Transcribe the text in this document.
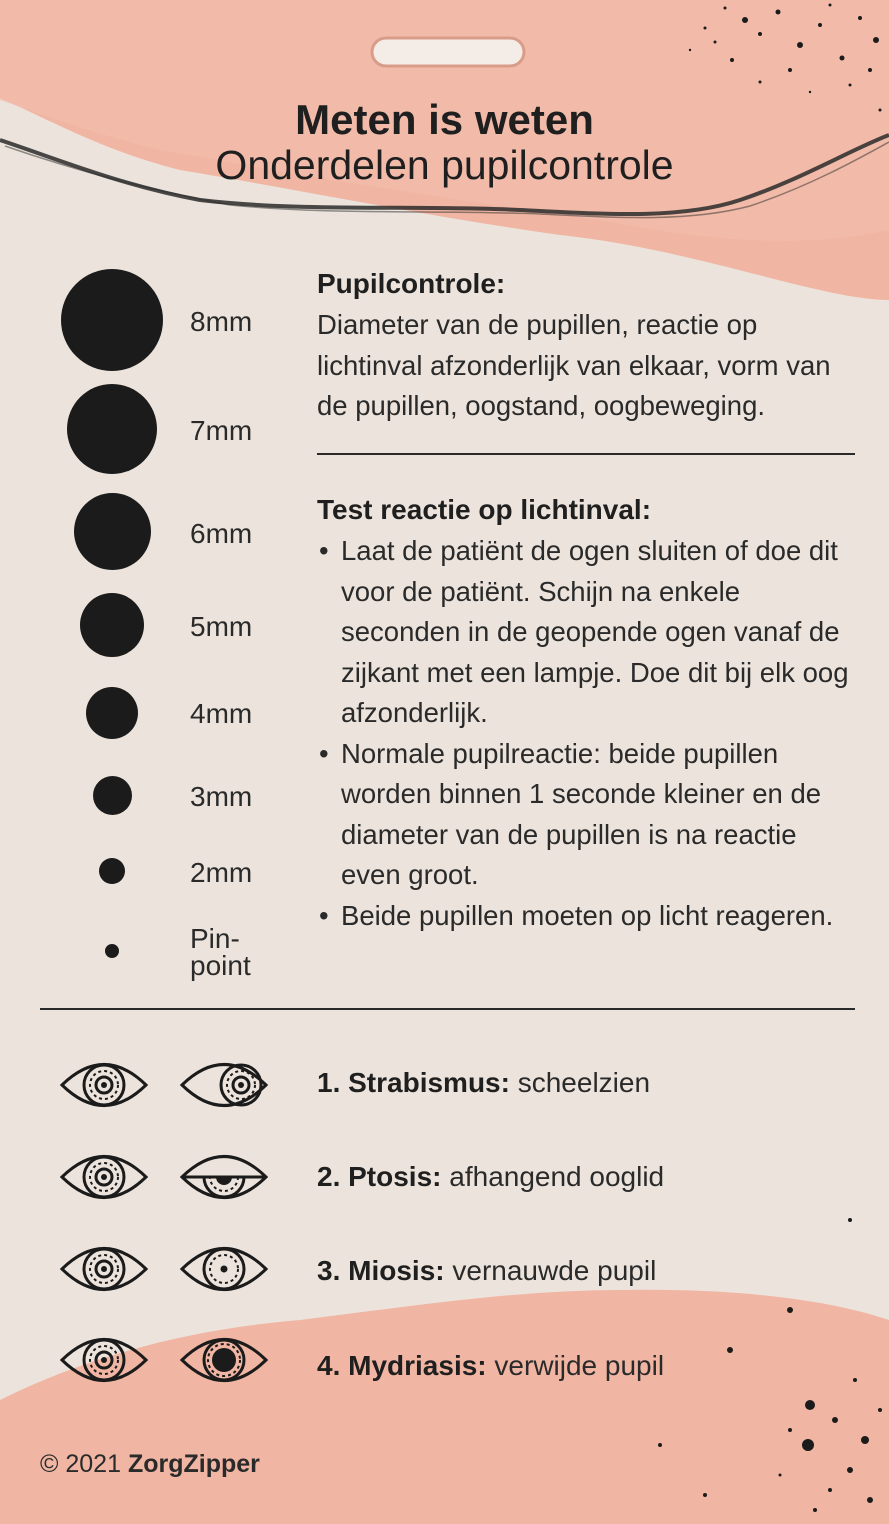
Meten is weten
Onderdelen pupilcontrole
8mm
7mm
6mm
5mm
4mm
3mm
2mm
Pin-
point
Pupilcontrole:
Diameter van de pupillen, reactie op lichtinval afzonderlijk van elkaar, vorm van de pupillen, oogstand, oogbeweging.
Test reactie op lichtinval:
• Laat de patiënt de ogen sluiten of doe dit voor de patiënt. Schijn na enkele seconden in de geopende ogen vanaf de zijkant met een lampje. Doe dit bij elk oog afzonderlijk.
• Normale pupilreactie: beide pupillen worden binnen 1 seconde kleiner en de diameter van de pupillen is na reactie even groot.
• Beide pupillen moeten op licht reageren.
1. Strabismus: scheelzien
2. Ptosis: afhangend ooglid
3. Miosis: vernauwde pupil
4. Mydriasis: verwijde pupil
© 2021 ZorgZipper
